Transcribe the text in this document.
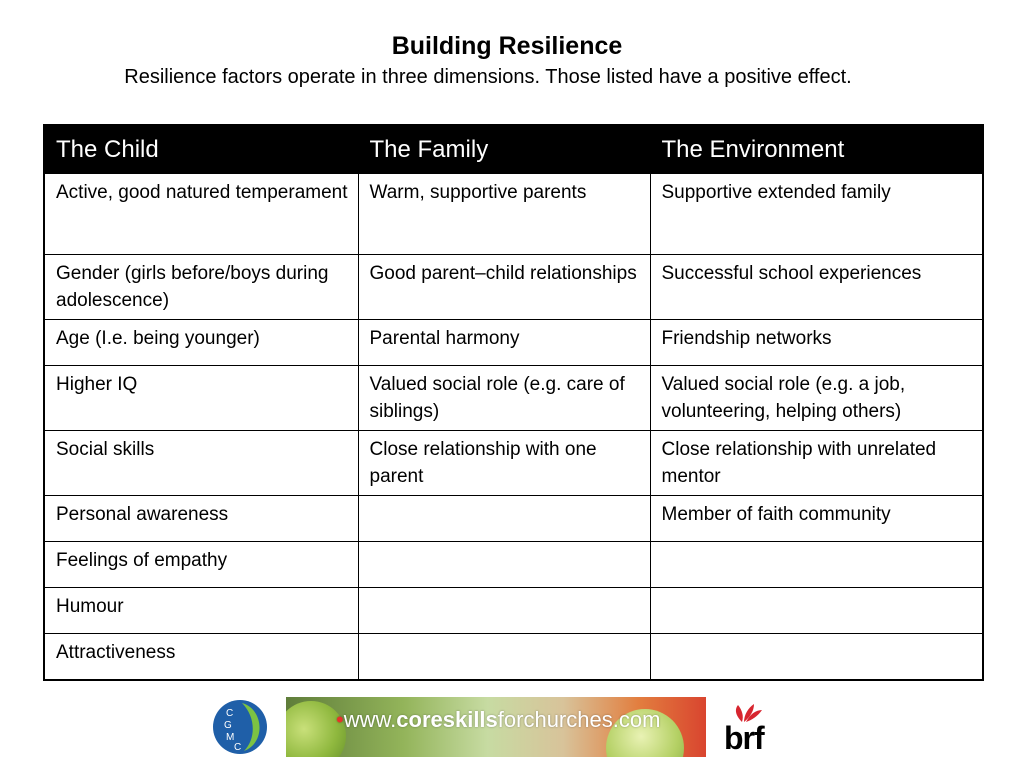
Building Resilience
Resilience factors operate in three dimensions. Those listed have a positive effect.
The Child	The Family	The Environment
Active, good natured temperament	Warm, supportive parents	Supportive extended family
Gender (girls before/boys during adolescence)	Good parent–child relationships	Successful school experiences
Age (I.e. being younger)	Parental harmony	Friendship networks
Higher IQ	Valued social role (e.g. care of siblings)	Valued social role (e.g. a job, volunteering, helping others)
Social skills	Close relationship with one parent	Close relationship with unrelated mentor
Personal awareness		Member of faith community
Feelings of empathy		
Humour		
Attractiveness		
C
G
M
C
•www.coreskillsforchurches.com
brf
